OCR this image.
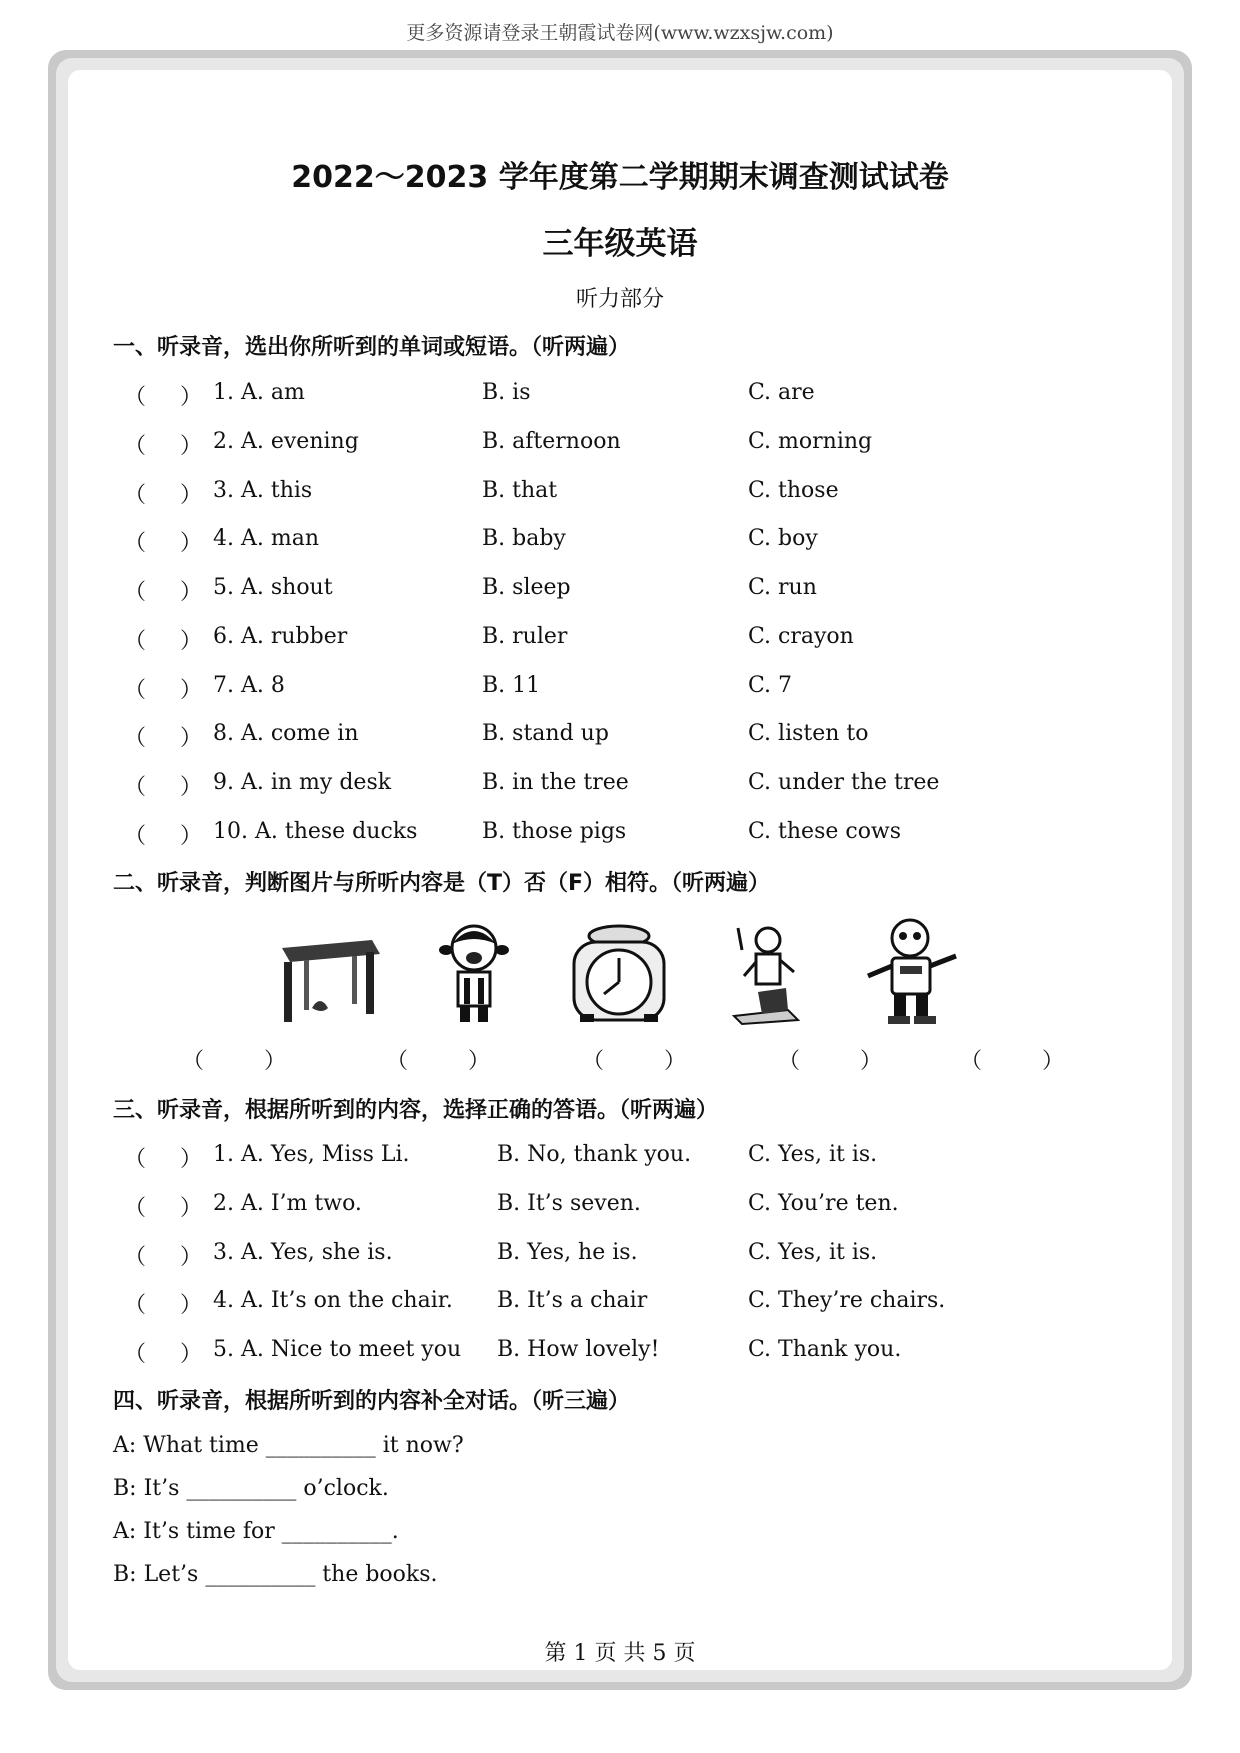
更多资源请登录王朝霞试卷网(www.wzxsjw.com)
2022～2023 学年度第二学期期末调查测试试卷
三年级英语
听力部分
一、听录音，选出你所听到的单词或短语。（听两遍）
（ ） 1. A. am	B. is	C. are
（ ） 2. A. evening	B. afternoon	C. morning
（ ） 3. A. this	B. that	C. those
（ ） 4. A. man	B. baby	C. boy
（ ） 5. A. shout	B. sleep	C. run
（ ） 6. A. rubber	B. ruler	C. crayon
（ ） 7. A. 8	B. 11	C. 7
（ ） 8. A. come in	B. stand up	C. listen to
（ ） 9. A. in my desk	B. in the tree	C. under the tree
（ ） 10. A. these ducks	B. those pigs	C. these cows
二、听录音，判断图片与所听内容是（T）否（F）相符。（听两遍）
（	）	（	）	（	）	（	）	（	）
三、听录音，根据所听到的内容，选择正确的答语。（听两遍）
（ ） 1. A. Yes, Miss Li.	B. No, thank you.	C. Yes, it is.
（ ） 2. A. I’m two.	B. It’s seven.	C. You’re ten.
（ ） 3. A. Yes, she is.	B. Yes, he is.	C. Yes, it is.
（ ） 4. A. It’s on the chair. B. It’s a chair	C. They’re chairs.
（ ） 5. A. Nice to meet you B. How lovely!	C. Thank you.
四、听录音，根据所听到的内容补全对话。（听三遍）
A: What time __________ it now?
B: It’s __________ o’clock.
A: It’s time for __________.
B: Let’s __________ the books.
第 1 页 共 5 页
